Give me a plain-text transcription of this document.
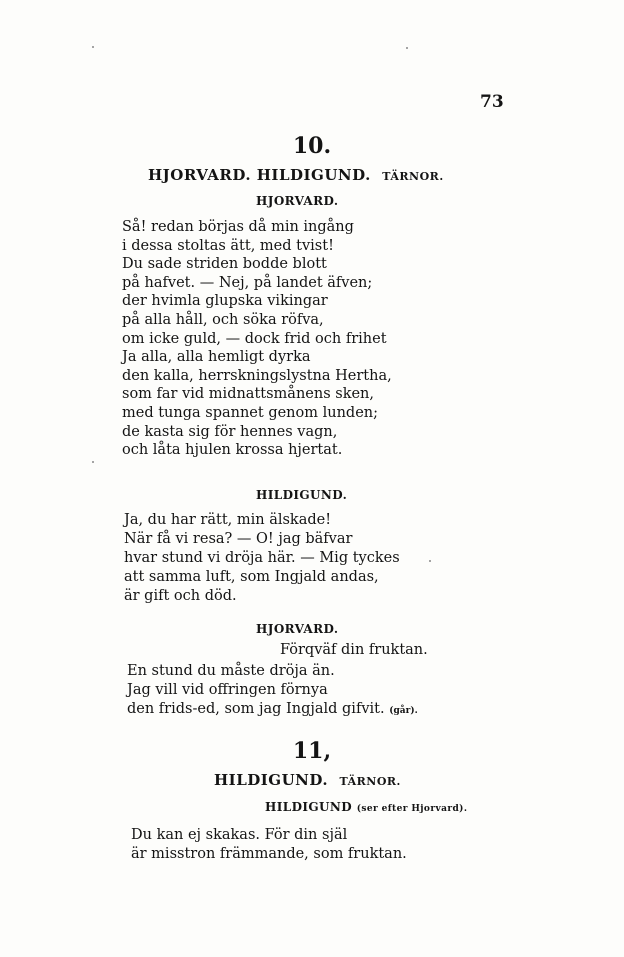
73
10.
HJORVARD. HILDIGUND. TÄRNOR.
HJORVARD.
Så! redan börjas då min ingång
i dessa stoltas ätt, med tvist!
Du sade striden bodde blott
på hafvet. — Nej, på landet äfven;
der hvimla glupska vikingar
på alla håll, och söka röfva,
om icke guld, — dock frid och frihet
Ja alla, alla hemligt dyrka
den kalla, herrskningslystna Hertha,
som far vid midnattsmånens sken,
med tunga spannet genom lunden;
de kasta sig för hennes vagn,
och låta hjulen krossa hjertat.
HILDIGUND.
Ja, du har rätt, min älskade!
När få vi resa? — O! jag bäfvar
hvar stund vi dröja här. — Mig tyckes
att samma luft, som Ingjald andas,
är gift och död.
HJORVARD.
Förqväf din fruktan.
En stund du måste dröja än.
Jag vill vid offringen förnya
den frids-ed, som jag Ingjald gifvit. (går).
11,
HILDIGUND. TÄRNOR.
HILDIGUND (ser efter Hjorvard).
Du kan ej skakas. För din själ
är misstron främmande, som fruktan.
